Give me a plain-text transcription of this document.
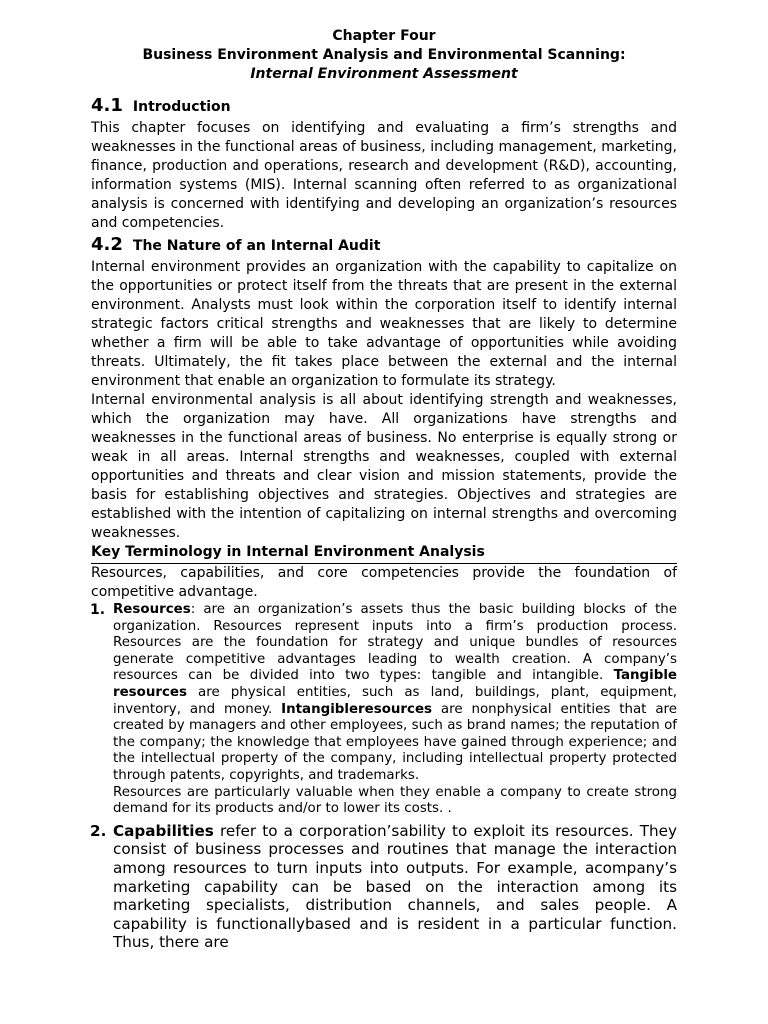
Chapter Four
Business Environment Analysis and Environmental Scanning:
Internal Environment Assessment
4.1 Introduction

This chapter focuses on identifying and evaluating a firm’s strengths and weaknesses in the functional areas of business, including management, marketing, finance, production and operations, research and development (R&D), accounting, information systems (MIS). Internal scanning often referred to as organizational analysis is concerned with identifying and developing an organization’s resources and competencies.

4.2 The Nature of an Internal Audit

Internal environment provides an organization with the capability to capitalize on the opportunities or protect itself from the threats that are present in the external environment. Analysts must look within the corporation itself to identify internal strategic factors critical strengths and weaknesses that are likely to determine whether a firm will be able to take advantage of opportunities while avoiding threats. Ultimately, the fit takes place between the external and the internal environment that enable an organization to formulate its strategy.

Internal environmental analysis is all about identifying strength and weaknesses, which the organization may have. All organizations have strengths and weaknesses in the functional areas of business. No enterprise is equally strong or weak in all areas. Internal strengths and weaknesses, coupled with external opportunities and threats and clear vision and mission statements, provide the basis for establishing objectives and strategies. Objectives and strategies are established with the intention of capitalizing on internal strengths and overcoming weaknesses.

Key Terminology in Internal Environment Analysis

Resources, capabilities, and core competencies provide the foundation of competitive advantage.

1. Resources: are an organization’s assets thus the basic building blocks of the organization. Resources represent inputs into a firm’s production process. Resources are the foundation for strategy and unique bundles of resources generate competitive advantages leading to wealth creation. A company’s resources can be divided into two types: tangible and intangible. Tangible resources are physical entities, such as land, buildings, plant, equipment, inventory, and money. Intangibleresources are nonphysical entities that are created by managers and other employees, such as brand names; the reputation of the company; the knowledge that employees have gained through experience; and the intellectual property of the company, including intellectual property protected through patents, copyrights, and trademarks.

Resources are particularly valuable when they enable a company to create strong demand for its products and/or to lower its costs. .

2. Capabilities refer to a corporation’sability to exploit its resources. They consist of business processes and routines that manage the interaction among resources to turn inputs into outputs. For example, acompany’s marketing capability can be based on the interaction among its marketing specialists, distribution channels, and sales people. A capability is functionallybased and is resident in a particular function. Thus, there are
